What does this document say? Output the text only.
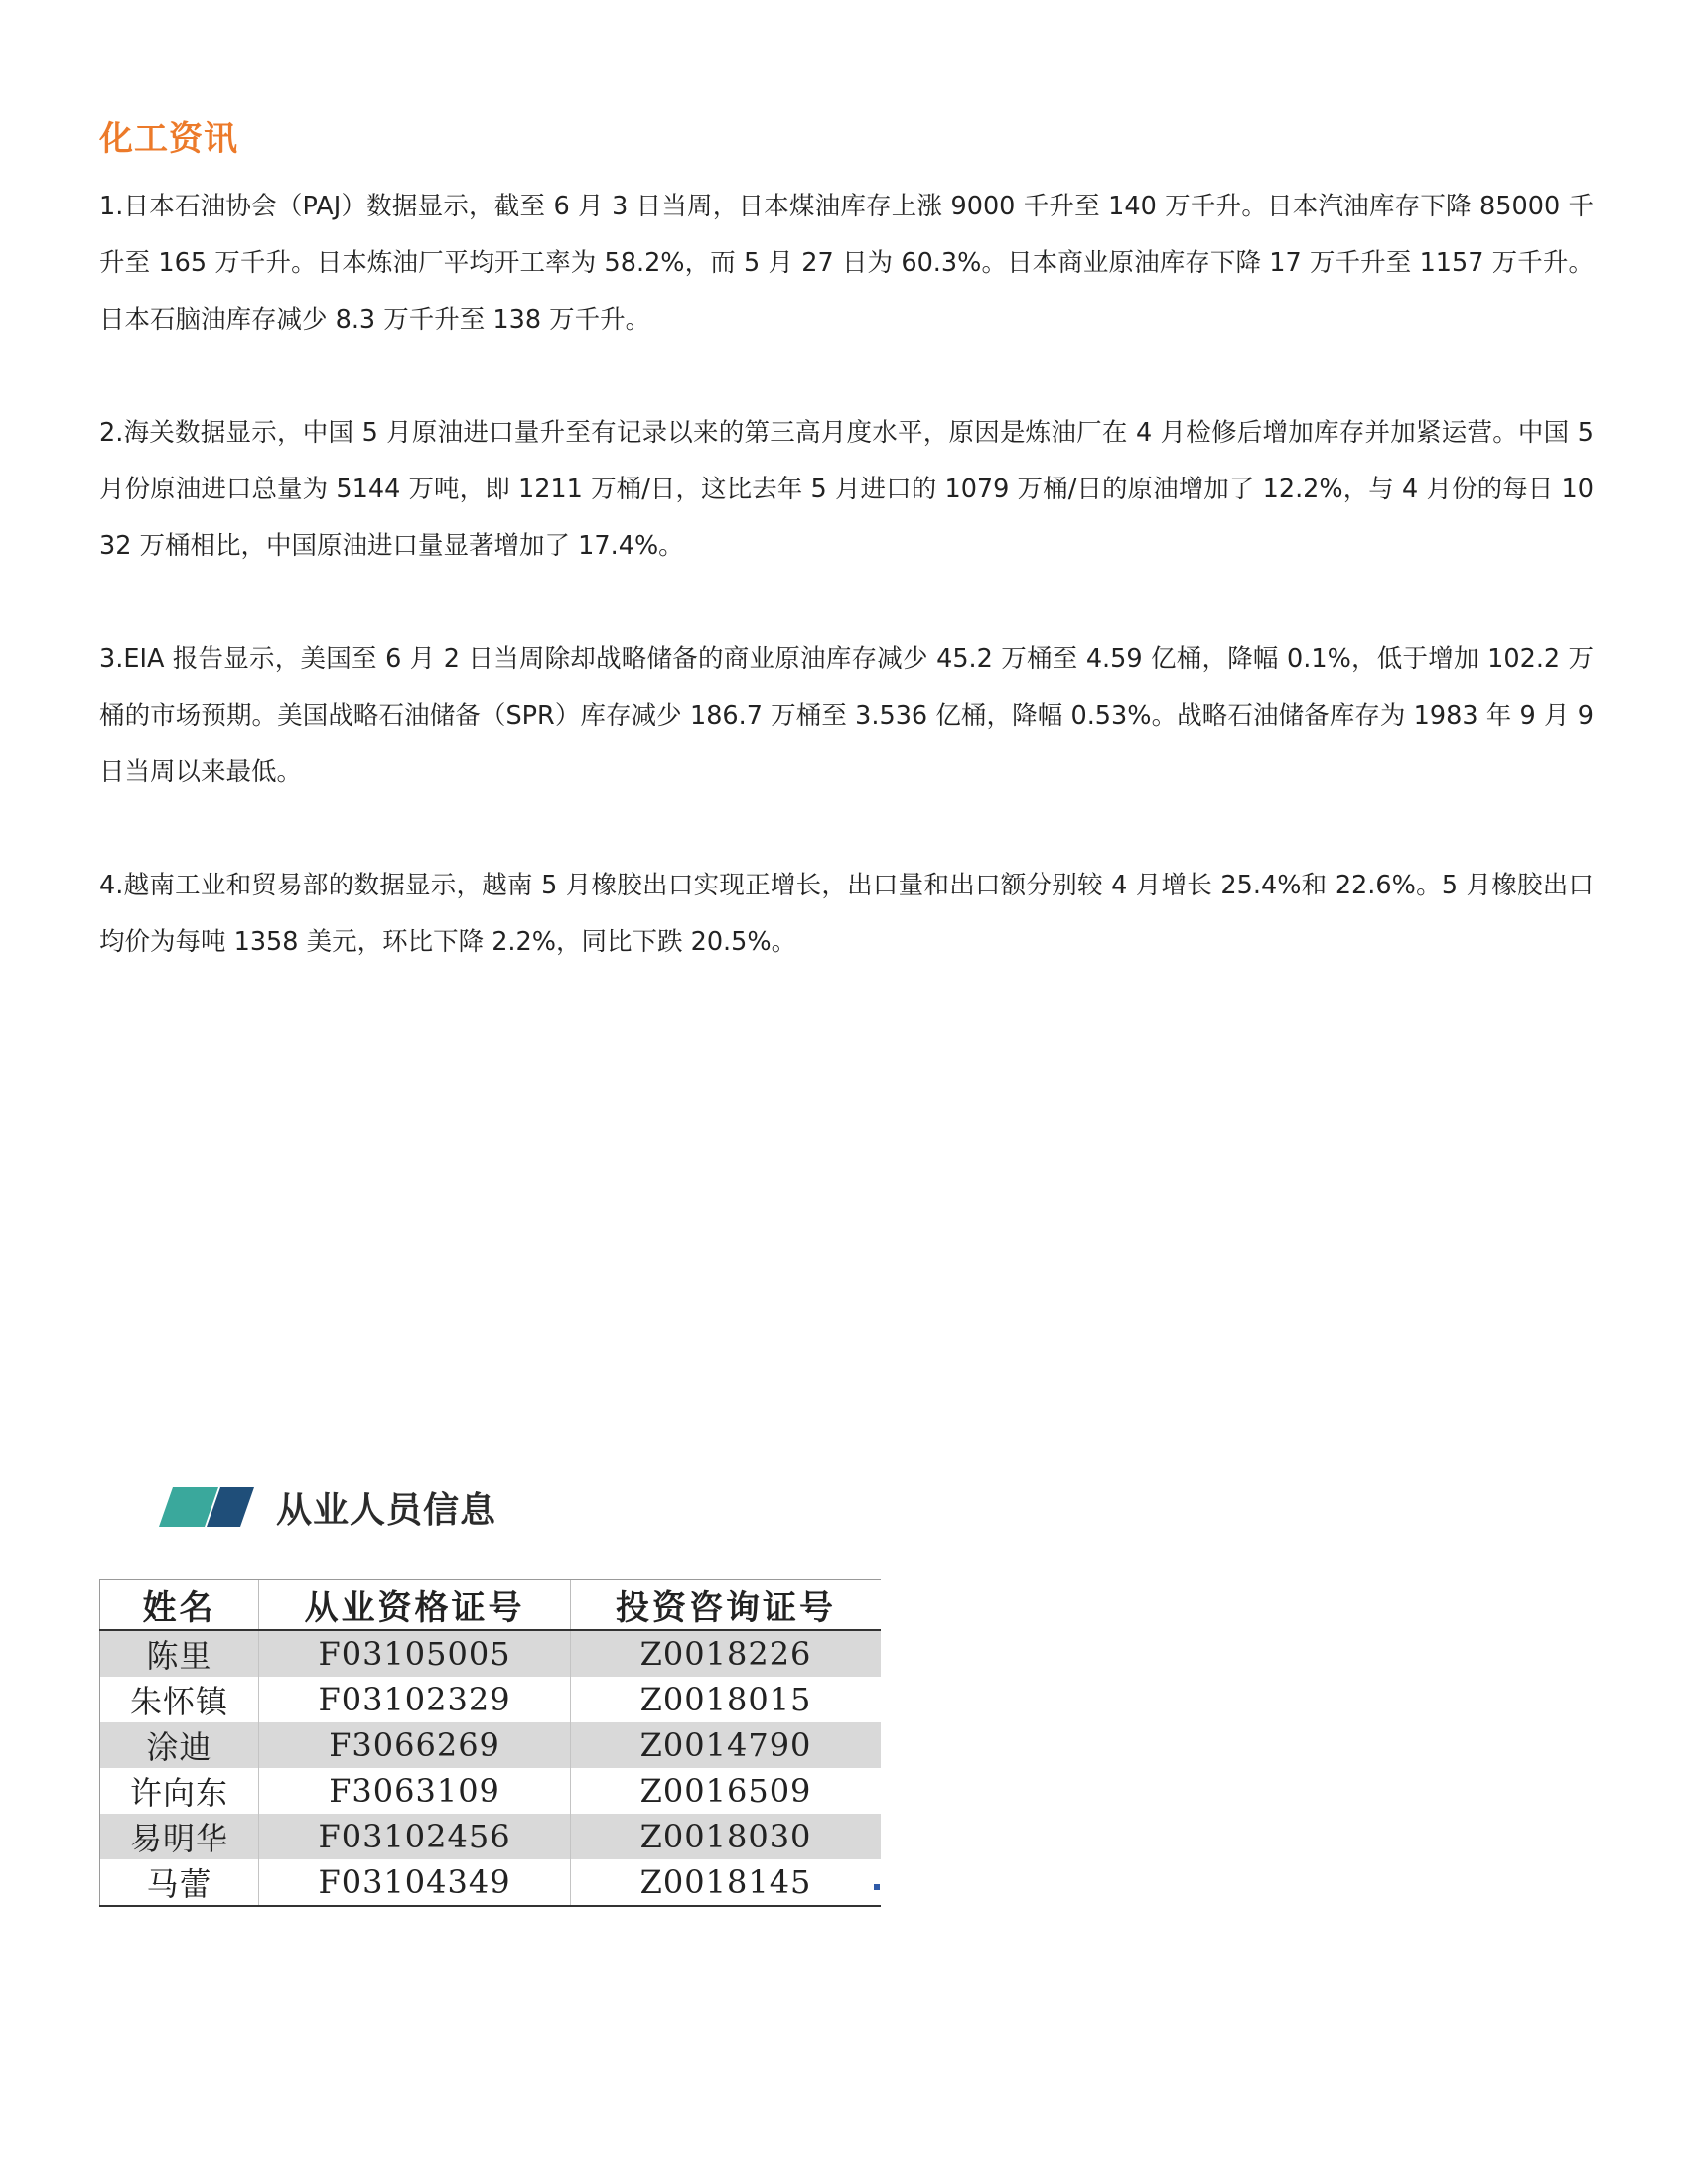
化工资讯

1.日本石油协会（PAJ）数据显示，截至 6 月 3 日当周，日本煤油库存上涨 9000 千升至 140 万千升。日本汽油库存下降 85000 千升至 165 万千升。日本炼油厂平均开工率为 58.2%，而 5 月 27 日为 60.3%。日本商业原油库存下降 17 万千升至 1157 万千升。日本石脑油库存减少 8.3 万千升至 138 万千升。

2.海关数据显示，中国 5 月原油进口量升至有记录以来的第三高月度水平，原因是炼油厂在 4 月检修后增加库存并加紧运营。中国 5 月份原油进口总量为 5144 万吨，即 1211 万桶/日，这比去年 5 月进口的 1079 万桶/日的原油增加了 12.2%，与 4 月份的每日 1032 万桶相比，中国原油进口量显著增加了 17.4%。

3.EIA 报告显示，美国至 6 月 2 日当周除却战略储备的商业原油库存减少 45.2 万桶至 4.59 亿桶，降幅 0.1%，低于增加 102.2 万桶的市场预期。美国战略石油储备（SPR）库存减少 186.7 万桶至 3.536 亿桶，降幅 0.53%。战略石油储备库存为 1983 年 9 月 9 日当周以来最低。

4.越南工业和贸易部的数据显示，越南 5 月橡胶出口实现正增长，出口量和出口额分别较 4 月增长 25.4%和 22.6%。5 月橡胶出口均价为每吨 1358 美元，环比下降 2.2%，同比下跌 20.5%。

从业人员信息
姓名	从业资格证号	投资咨询证号
陈里	F03105005	Z0018226
朱怀镇	F03102329	Z0018015
涂迪	F3066269	Z0014790
许向东	F3063109	Z0016509
易明华	F03102456	Z0018030
马蕾	F03104349	Z0018145
